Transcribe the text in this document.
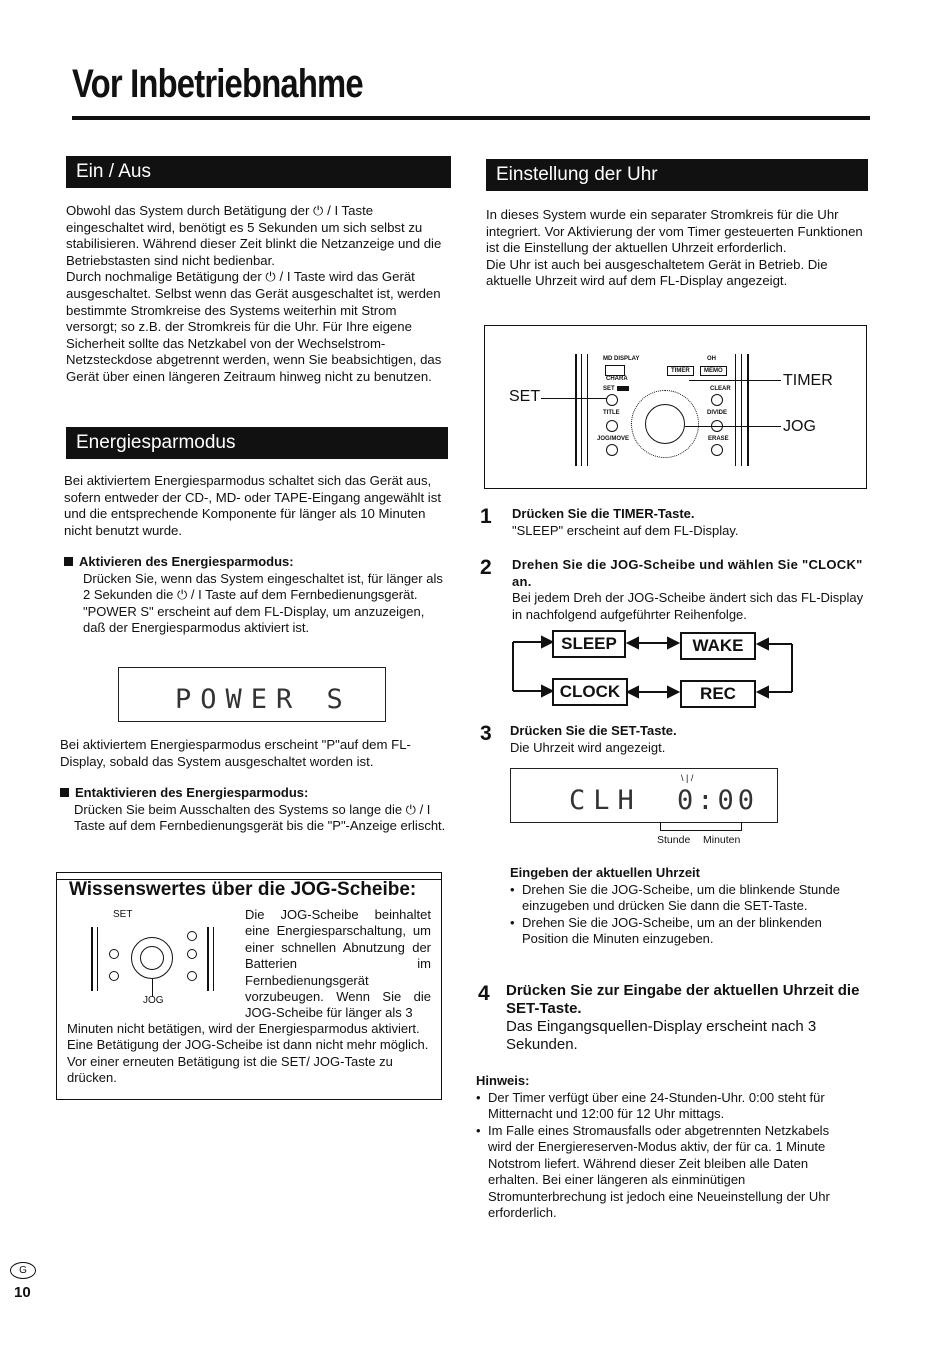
Vor Inbetriebnahme
Ein / Aus

Obwohl das System durch Betätigung der ⏻ / I Taste eingeschaltet wird, benötigt es 5 Sekunden um sich selbst zu stabilisieren. Während dieser Zeit blinkt die Netzanzeige und die Betriebstasten sind nicht bedienbar.

Durch nochmalige Betätigung der ⏻ / I Taste wird das Gerät ausgeschaltet. Selbst wenn das Gerät ausgeschaltet ist, werden bestimmte Stromkreise des Systems weiterhin mit Strom versorgt; so z.B. der Stromkreis für die Uhr. Für Ihre eigene Sicherheit sollte das Netzkabel von der Wechselstrom-Netzsteckdose abgetrennt werden, wenn Sie beabsichtigen, das Gerät über einen längeren Zeitraum hinweg nicht zu benutzen.

Energiesparmodus
Bei aktiviertem Energiesparmodus schaltet sich das Gerät aus, sofern entweder der CD-, MD- oder TAPE-Eingang angewählt ist und die entsprechende Komponente für länger als 10 Minuten nicht benutzt wurde.
Aktivieren des Energiesparmodus:
Drücken Sie, wenn das System eingeschaltet ist, für länger als 2 Sekunden die ⏻ / I Taste auf dem Fernbedienungsgerät. "POWER S" erscheint auf dem FL-Display, um anzuzeigen, daß der Energiesparmodus aktiviert ist.
POWER S
Bei aktiviertem Energiesparmodus erscheint "P"auf dem FL-Display, sobald das System ausgeschaltet worden ist.
Entaktivieren des Energiesparmodus:
Drücken Sie beim Ausschalten des Systems so lange die ⏻ / I Taste auf dem Fernbedienungsgerät bis die "P"-Anzeige erlischt.
Wissenswertes über die JOG-Scheibe:
SET
JOG
Die JOG-Scheibe beinhaltet eine Energiesparschaltung, um einer schnellen Abnutzung der Batterien im Fernbedienungsgerät vorzubeugen. Wenn Sie die JOG-Scheibe für länger als 3
Minuten nicht betätigen, wird der Energiesparmodus aktiviert. Eine Betätigung der JOG-Scheibe ist dann nicht mehr möglich. Vor einer erneuten Betätigung ist die SET/ JOG-Taste zu drücken.
Einstellung der Uhr

In dieses System wurde ein separater Stromkreis für die Uhr integriert. Vor Aktivierung der vom Timer gesteuerten Funktionen ist die Einstellung der aktuellen Uhrzeit erforderlich.

Die Uhr ist auch bei ausgeschaltetem Gerät in Betrieb. Die aktuelle Uhrzeit wird auf dem FL-Display angezeigt.

MD DISPLAY
CHARA
OH
TIMER	MEMO
SET	CLEAR
TITLE	DIVIDE
JOG/MOVE	ERASE
SET
TIMER
JOG
1 Drücken Sie die TIMER-Taste.
"SLEEP" erscheint auf dem FL-Display.
2 Drehen Sie die JOG-Scheibe und wählen Sie "CLOCK" an.
Bei jedem Dreh der JOG-Scheibe ändert sich das FL-Display in nachfolgend aufgeführter Reihenfolge.
SLEEP	WAKE
CLOCK	REC
3 Drücken Sie die SET-Taste.
Die Uhrzeit wird angezeigt.
CLH 0:00
\ | /
Stunde Minuten
Eingeben der aktuellen Uhrzeit
• Drehen Sie die JOG-Scheibe, um die blinkende Stunde einzugeben und drücken Sie dann die SET-Taste.
• Drehen Sie die JOG-Scheibe, um an der blinkenden Position die Minuten einzugeben.
4 Drücken Sie zur Eingabe der aktuellen Uhrzeit die SET-Taste.
Das Eingangsquellen-Display erscheint nach 3 Sekunden.
Hinweis:
• Der Timer verfügt über eine 24-Stunden-Uhr. 0:00 steht für Mitternacht und 12:00 für 12 Uhr mittags.
• Im Falle eines Stromausfalls oder abgetrennten Netzkabels wird der Energiereserven-Modus aktiv, der für ca. 1 Minute Notstrom liefert. Während dieser Zeit bleiben alle Daten erhalten. Bei einer längeren als einminütigen Stromunterbrechung ist jedoch eine Neueinstellung der Uhr erforderlich.
G
10
